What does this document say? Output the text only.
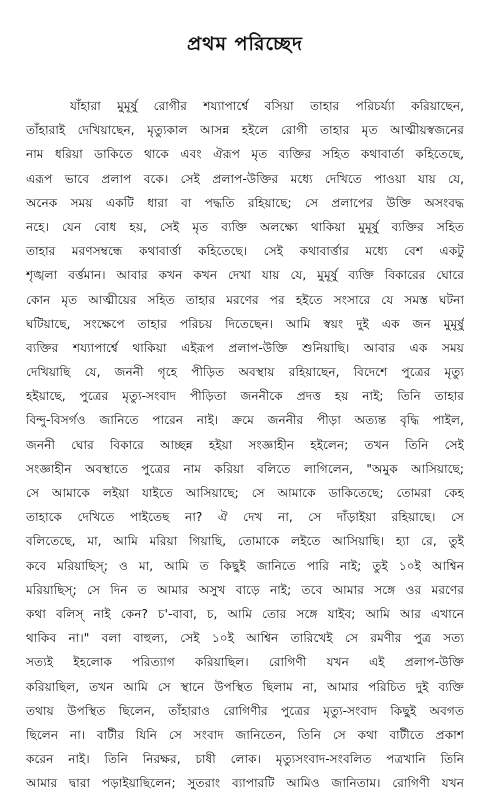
প্রথম পরিচ্ছেদ
যাঁহারা মুমূর্ষু রোগীর শয্যাপার্শ্বে বসিয়া তাহার পরিচর্য্যা করিয়াছেন,
তাঁহারাই দেখিয়াছেন, মৃত্যুকাল আসন্ন হইলে রোগী তাহার মৃত আত্মীয়স্বজনের
নাম ধরিয়া ডাকিতে থাকে এবং ঐরূপ মৃত ব্যক্তির সহিত কথাবার্তা কহিতেছে,
এরূপ ভাবে প্রলাপ বকে। সেই প্রলাপ-উক্তির মধ্যে দেখিতে পাওয়া যায় যে,
অনেক সময় একটি ধারা বা পদ্ধতি রহিয়াছে; সে প্রলাপের উক্তি অসংবদ্ধ
নহে। যেন বোধ হয়, সেই মৃত ব্যক্তি অলক্ষ্যে থাকিয়া মুমূর্ষু ব্যক্তির সহিত
তাহার মরণসম্বন্ধে কথাবার্ত্তা কহিতেছে। সেই কথাবার্ত্তার মধ্যে বেশ একটু
শৃঙ্খলা বর্ত্তমান। আবার কখন কখন দেখা যায় যে, মুমূর্ষু ব্যক্তি বিকারের ঘোরে
কোন মৃত আত্মীয়ের সহিত তাহার মরণের পর হইতে সংসারে যে সমস্ত ঘটনা
ঘটিয়াছে, সংক্ষেপে তাহার পরিচয় দিতেছেন। আমি স্বয়ং দুই এক জন মুমূর্ষু
ব্যক্তির শয্যাপার্শ্বে থাকিয়া এইরূপ প্রলাপ-উক্তি শুনিয়াছি। আবার এক সময়
দেখিয়াছি যে, জননী গৃহে পীড়িত অবস্থায় রহিয়াছেন, বিদেশে পুত্রের মৃত্যু
হইয়াছে, পুত্রের মৃত্যু-সংবাদ পীড়িতা জননীকে প্রদত্ত হয় নাই; তিনি তাহার
বিন্দু-বিসর্গও জানিতে পারেন নাই। ক্রমে জননীর পীড়া অত্যন্ত বৃদ্ধি পাইল,
জননী ঘোর বিকারে আচ্ছন্ন হইয়া সংজ্ঞাহীন হইলেন; তখন তিনি সেই
সংজ্ঞাহীন অবস্থাতে পুত্রের নাম করিয়া বলিতে লাগিলেন, "অমুক আসিয়াছে;
সে আমাকে লইয়া যাইতে আসিয়াছে; সে আমাকে ডাকিতেছে; তোমরা কেহ
তাহাকে দেখিতে পাইতেছ না? ঐ দেখ না, সে দাঁড়াইয়া রহিয়াছে। সে
বলিতেছে, মা, আমি মরিয়া গিয়াছি, তোমাকে লইতে আসিয়াছি। হ্যা রে, তুই
কবে মরিয়াছিস্; ও মা, আমি ত কিছুই জানিতে পারি নাই; তুই ১০ই আশ্বিন
মরিয়াছিস্; সে দিন ত আমার অসুখ বাড়ে নাই; তবে আমার সঙ্গে ওর মরণের
কথা বলিস্ নাই কেন? চ'-বাবা, চ, আমি তোর সঙ্গে যাইব; আমি আর এখানে
থাকিব না।" বলা বাহুল্য, সেই ১০ই আশ্বিন তারিখেই সে রমণীর পুত্র সত্য
সত্যই ইহলোক পরিত্যাগ করিয়াছিল। রোগিণী যখন এই প্রলাপ-উক্তি
করিয়াছিল, তখন আমি সে স্থানে উপস্থিত ছিলাম না, আমার পরিচিত দুই ব্যক্তি
তথায় উপস্থিত ছিলেন, তাঁহারাও রোগিণীর পুত্রের মৃত্যু-সংবাদ কিছুই অবগত
ছিলেন না। বাটীর যিনি সে সংবাদ জানিতেন, তিনি সে কথা বাটীতে প্রকাশ
করেন নাই। তিনি নিরক্ষর, চাষী লোক। মৃত্যুসংবাদ-সংবলিত পত্রখানি তিনি
আমার দ্বারা পড়াইয়াছিলেন; সুতরাং ব্যাপারটি আমিও জানিতাম। রোগিণী যখন
